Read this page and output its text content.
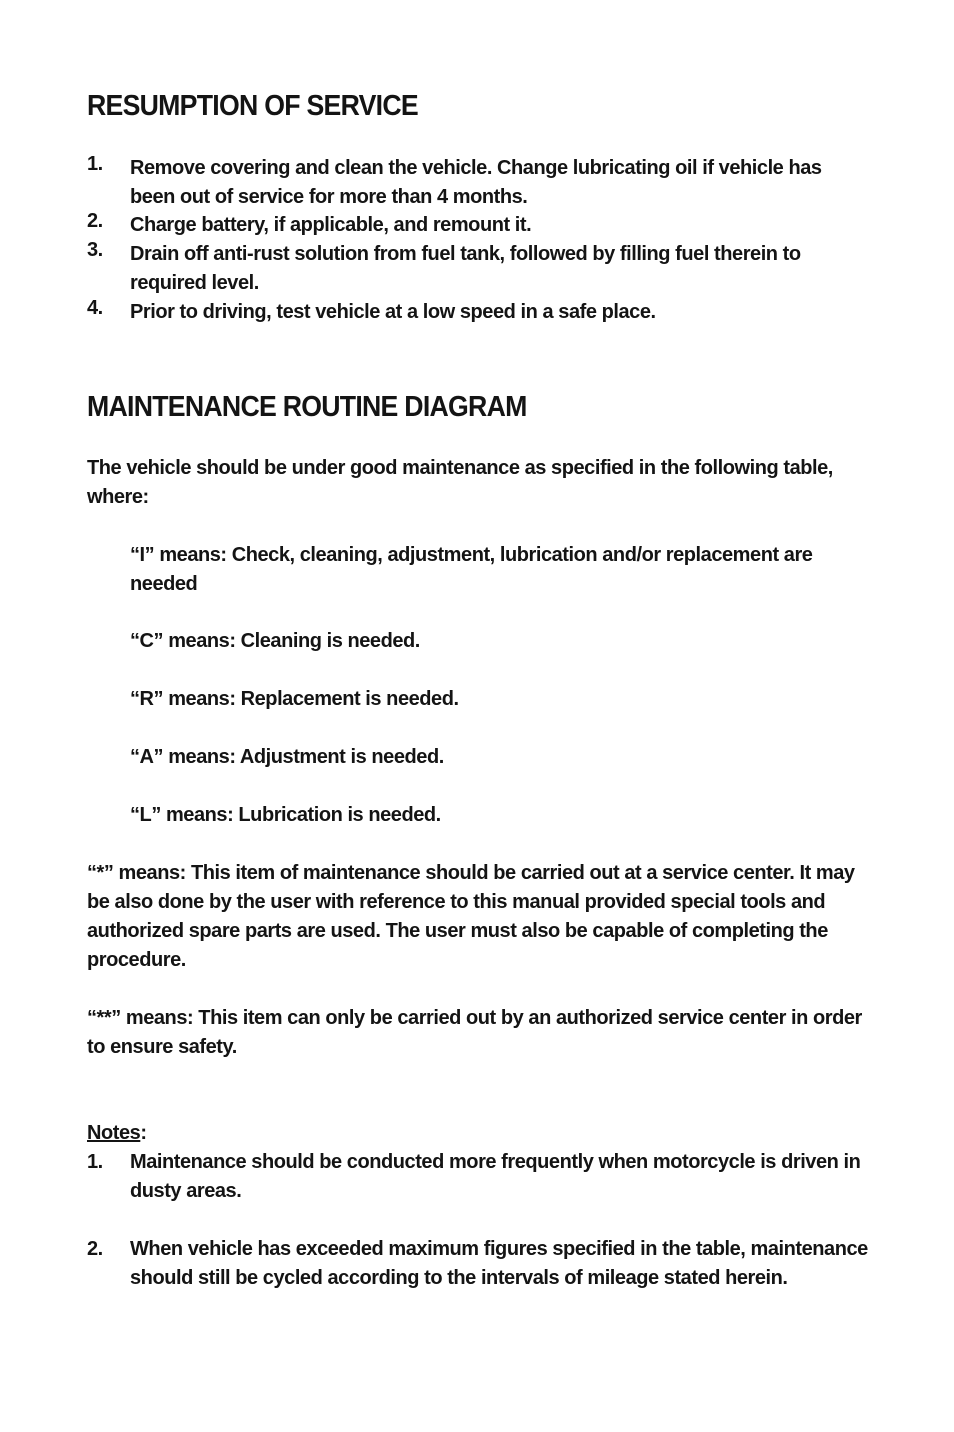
RESUMPTION OF SERVICE
1. Remove covering and clean the vehicle. Change lubricating oil if vehicle has been out of service for more than 4 months.
2. Charge battery, if applicable, and remount it.
3. Drain off anti-rust solution from fuel tank, followed by filling fuel therein to required level.
4. Prior to driving, test vehicle at a low speed in a safe place.
MAINTENANCE ROUTINE DIAGRAM
The vehicle should be under good maintenance as specified in the following table, where:
“I” means: Check, cleaning, adjustment, lubrication and/or replacement are needed
“C” means: Cleaning is needed.
“R” means: Replacement is needed.
“A” means: Adjustment is needed.
“L” means: Lubrication is needed.
“*” means: This item of maintenance should be carried out at a service center. It may be also done by the user with reference to this manual provided special tools and authorized spare parts are used. The user must also be capable of completing the procedure.
“**” means: This item can only be carried out by an authorized service center in order to ensure safety.
Notes:
1. Maintenance should be conducted more frequently when motorcycle is driven in dusty areas.
2. When vehicle has exceeded maximum figures specified in the table, maintenance should still be cycled according to the intervals of mileage stated herein.
